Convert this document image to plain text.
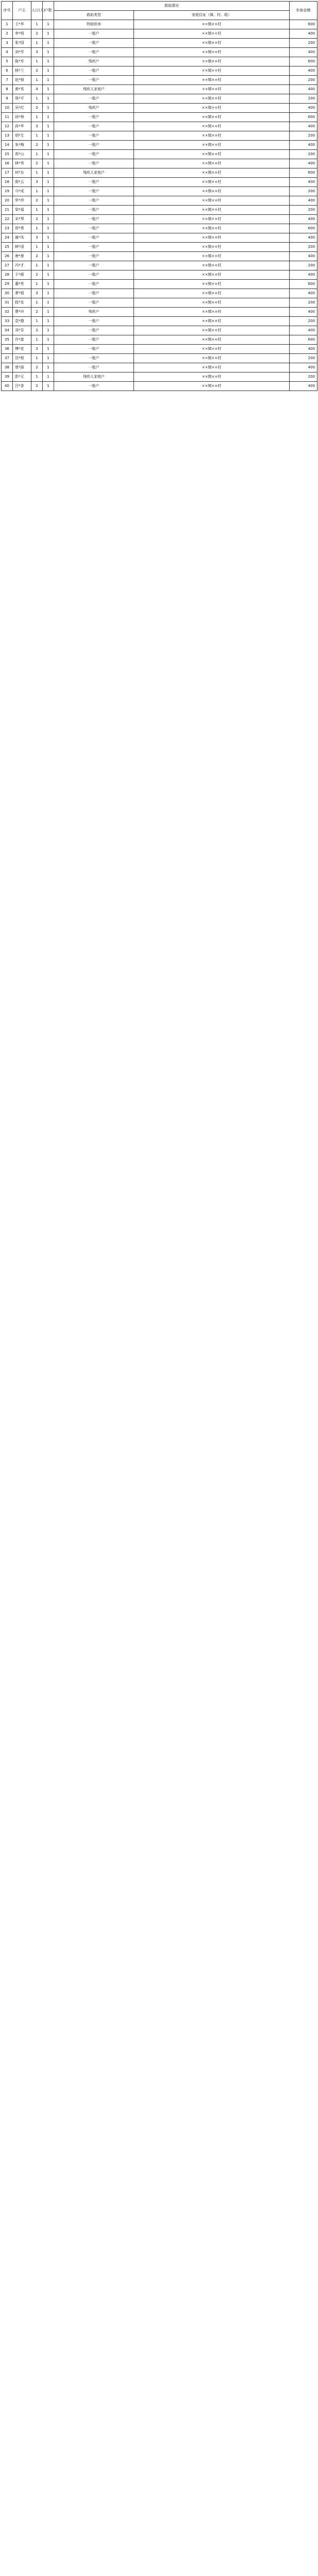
序号	户主	人口(人)	户数	救助情况		补助金额
				救助类型	家庭住址（镇、村、组）	
1	王*华	1	1	特困供养	××镇××村	600
2	李*明	2	1	一般户	××镇××村	400
3	张*国	1	1	一般户	××镇××村	200
4	刘*芳	3	1	一般户	××镇××村	400
5	陈*军	1	1	残疾户	××镇××村	600
6	杨*兰	2	1	一般户	××镇××村	400
7	赵*强	1	1	一般户	××镇××村	200
8	黄*英	4	1	残疾人家庭户	××镇××村	400
9	周*平	1	1	一般户	××镇××村	200
10	吴*红	2	1	残疾户	××镇××村	400
11	徐*林	1	1	一般户	××镇××村	600
12	孙*华	3	1	一般户	××镇××村	400
13	胡*生	1	1	一般户	××镇××村	200
14	朱*梅	2	1	一般户	××镇××村	400
15	高*山	1	1	一般户	××镇××村	200
16	林*秀	2	1	一般户	××镇××村	400
17	何*东	1	1	残疾人家庭户	××镇××村	600
18	郭*云	3	1	一般户	××镇××村	400
19	马*成	1	1	一般户	××镇××村	200
20	罗*珍	2	1	一般户	××镇××村	400
21	梁*福	1	1	一般户	××镇××村	200
22	宋*琴	2	1	一般户	××镇××村	400
23	郑*勇	1	1	一般户	××镇××村	600
24	谢*凤	3	1	一般户	××镇××村	400
25	韩*清	1	1	一般户	××镇××村	200
26	唐*莲	2	1	一般户	××镇××村	400
27	冯*才	1	1	一般户	××镇××村	200
28	于*霞	2	1	一般户	××镇××村	400
29	董*贵	1	1	一般户	××镇××村	600
30	萧*娟	3	1	一般户	××镇××村	400
31	程*发	1	1	一般户	××镇××村	200
32	曹*玲	2	1	残疾户	××镇××村	400
33	袁*德	1	1	一般户	××镇××村	200
34	邓*芬	2	1	一般户	××镇××村	400
35	许*富	1	1	一般户	××镇××村	600
36	傅*花	3	1	一般户	××镇××村	400
37	沈*根	1	1	一般户	××镇××村	200
38	曾*丽	2	1	一般户	××镇××村	400
39	彭*元	1	1	残疾人家庭户	××镇××村	200
40	吕*香	2	1	一般户	××镇××村	400
